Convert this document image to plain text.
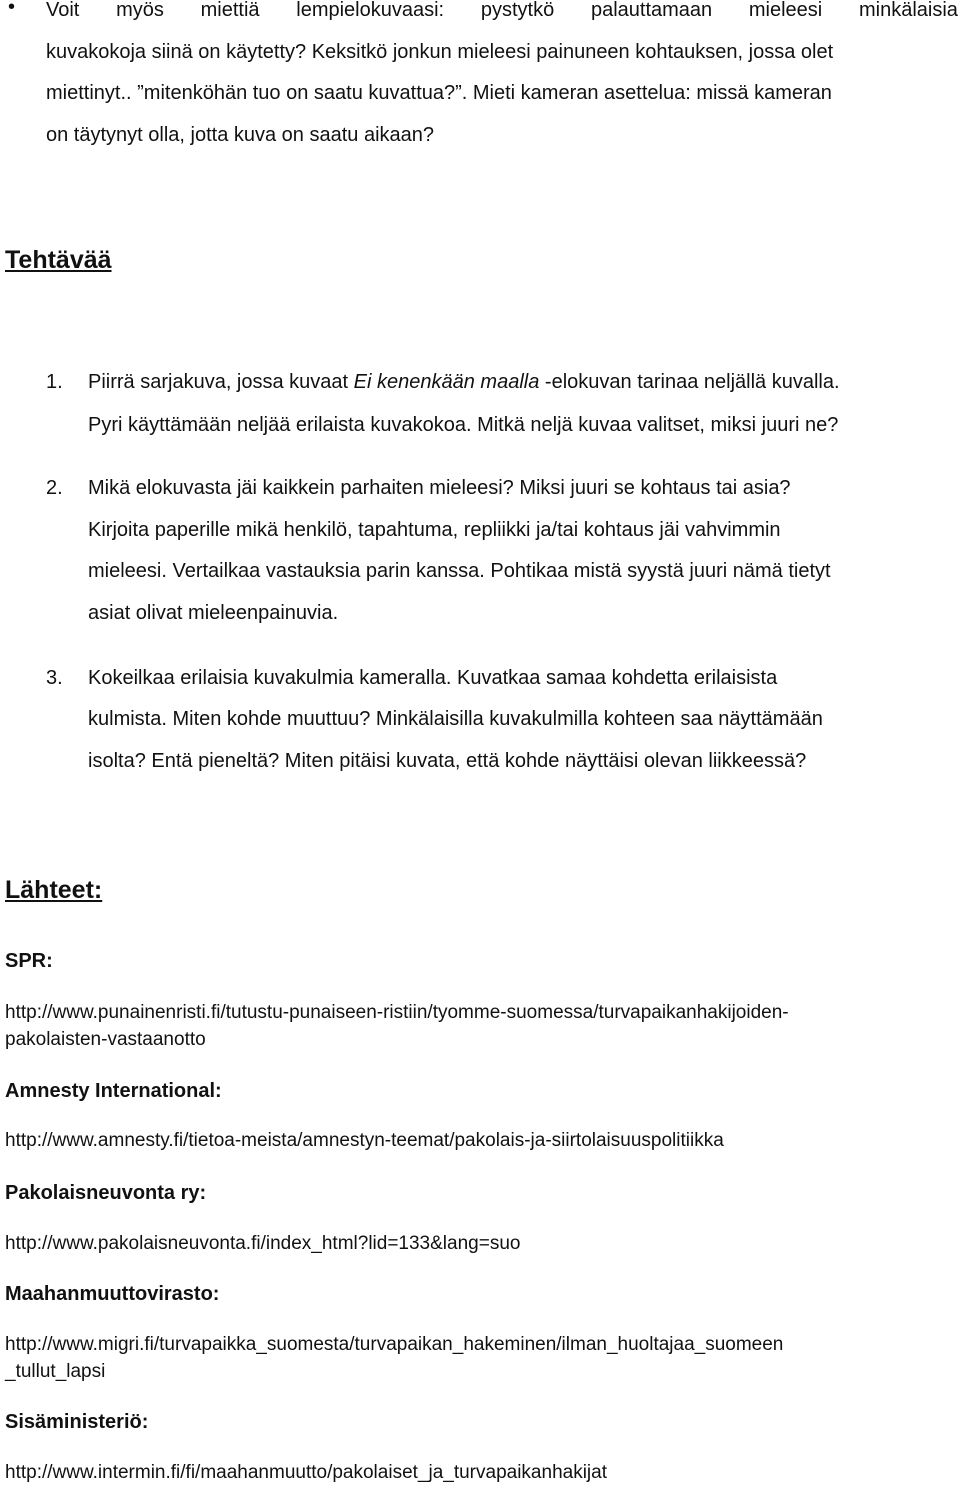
• Voit myös miettiä lempielokuvaasi: pystytkö palauttamaan mieleesi minkälaisia
kuvakokoja siinä on käytetty? Keksitkö jonkun mieleesi painuneen kohtauksen, jossa olet
miettinyt.. ”mitenköhän tuo on saatu kuvattua?”. Mieti kameran asettelua: missä kameran
on täytynyt olla, jotta kuva on saatu aikaan?
Tehtävää
1. Piirrä sarjakuva, jossa kuvaat Ei kenenkään maalla -elokuvan tarinaa neljällä kuvalla.
Pyri käyttämään neljää erilaista kuvakokoa. Mitkä neljä kuvaa valitset, miksi juuri ne?
2. Mikä elokuvasta jäi kaikkein parhaiten mieleesi? Miksi juuri se kohtaus tai asia?
Kirjoita paperille mikä henkilö, tapahtuma, repliikki ja/tai kohtaus jäi vahvimmin
mieleesi. Vertailkaa vastauksia parin kanssa. Pohtikaa mistä syystä juuri nämä tietyt
asiat olivat mieleenpainuvia.
3. Kokeilkaa erilaisia kuvakulmia kameralla. Kuvatkaa samaa kohdetta erilaisista
kulmista. Miten kohde muuttuu? Minkälaisilla kuvakulmilla kohteen saa näyttämään
isolta? Entä pieneltä? Miten pitäisi kuvata, että kohde näyttäisi olevan liikkeessä?
Lähteet:
SPR:
http://www.punainenristi.fi/tutustu-punaiseen-ristiin/tyomme-suomessa/turvapaikanhakijoiden-
pakolaisten-vastaanotto
Amnesty International:
http://www.amnesty.fi/tietoa-meista/amnestyn-teemat/pakolais-ja-siirtolaisuuspolitiikka
Pakolaisneuvonta ry:
http://www.pakolaisneuvonta.fi/index_html?lid=133&lang=suo
Maahanmuuttovirasto:
http://www.migri.fi/turvapaikka_suomesta/turvapaikan_hakeminen/ilman_huoltajaa_suomeen
_tullut_lapsi
Sisäministeriö:
http://www.intermin.fi/fi/maahanmuutto/pakolaiset_ja_turvapaikanhakijat
